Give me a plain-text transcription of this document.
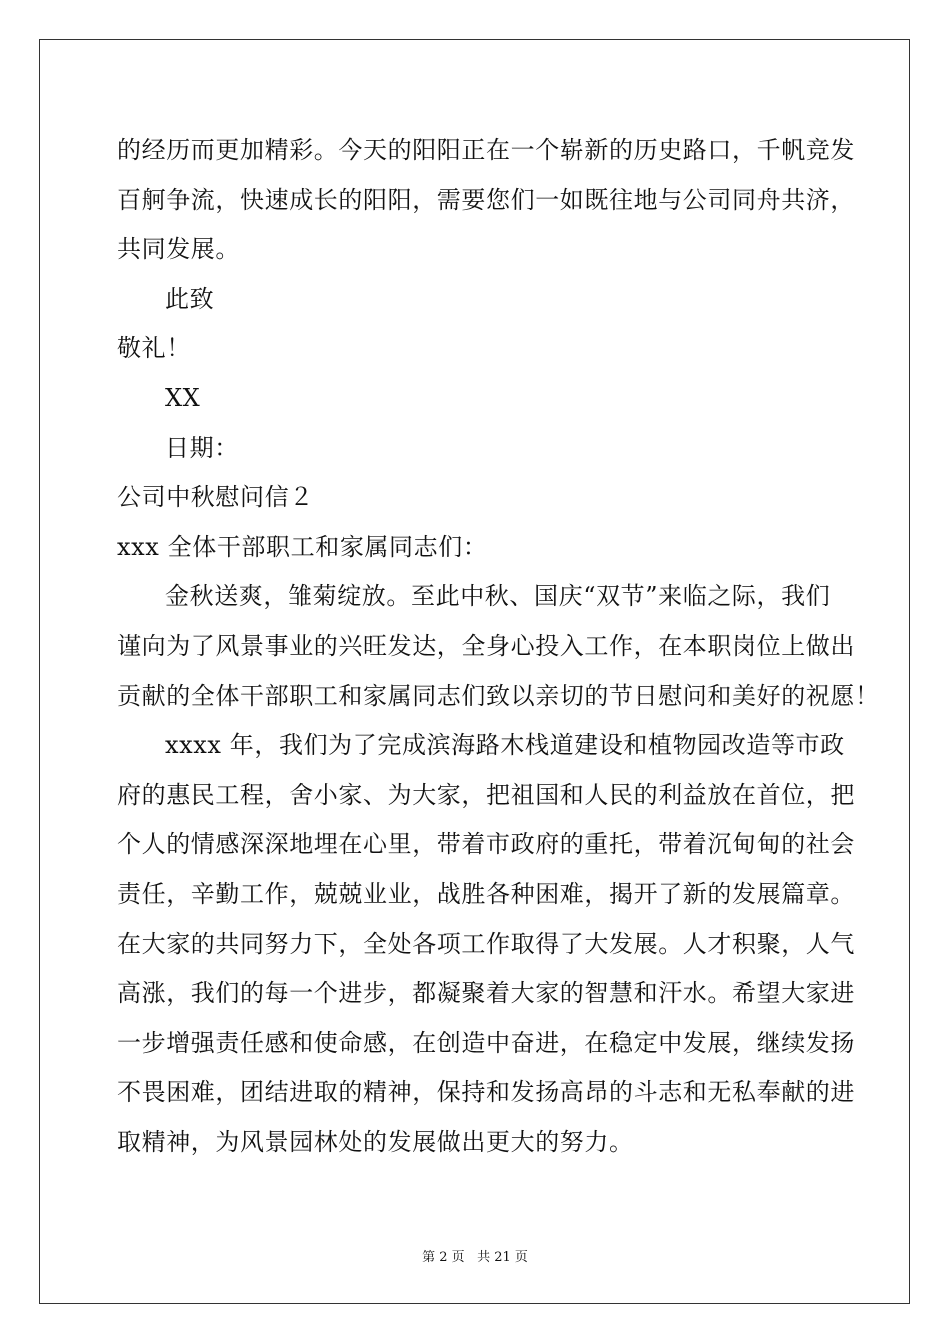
的经历而更加精彩。今天的阳阳正在一个崭新的历史路口，千帆竞发
百舸争流，快速成长的阳阳，需要您们一如既往地与公司同舟共济，
共同发展。
此致
敬礼！
XX
日期：
公司中秋慰问信２
xxx 全体干部职工和家属同志们：
金秋送爽，雏菊绽放。至此中秋、国庆“双节”来临之际，我们
谨向为了风景事业的兴旺发达，全身心投入工作，在本职岗位上做出
贡献的全体干部职工和家属同志们致以亲切的节日慰问和美好的祝愿！
xxxx 年，我们为了完成滨海路木栈道建设和植物园改造等市政
府的惠民工程，舍小家、为大家，把祖国和人民的利益放在首位，把
个人的情感深深地埋在心里，带着市政府的重托，带着沉甸甸的社会
责任，辛勤工作，兢兢业业，战胜各种困难，揭开了新的发展篇章。
在大家的共同努力下，全处各项工作取得了大发展。人才积聚，人气
高涨，我们的每一个进步，都凝聚着大家的智慧和汗水。希望大家进
一步增强责任感和使命感，在创造中奋进，在稳定中发展，继续发扬
不畏困难，团结进取的精神，保持和发扬高昂的斗志和无私奉献的进
取精神，为风景园林处的发展做出更大的努力。
第 2 页 共 21 页
